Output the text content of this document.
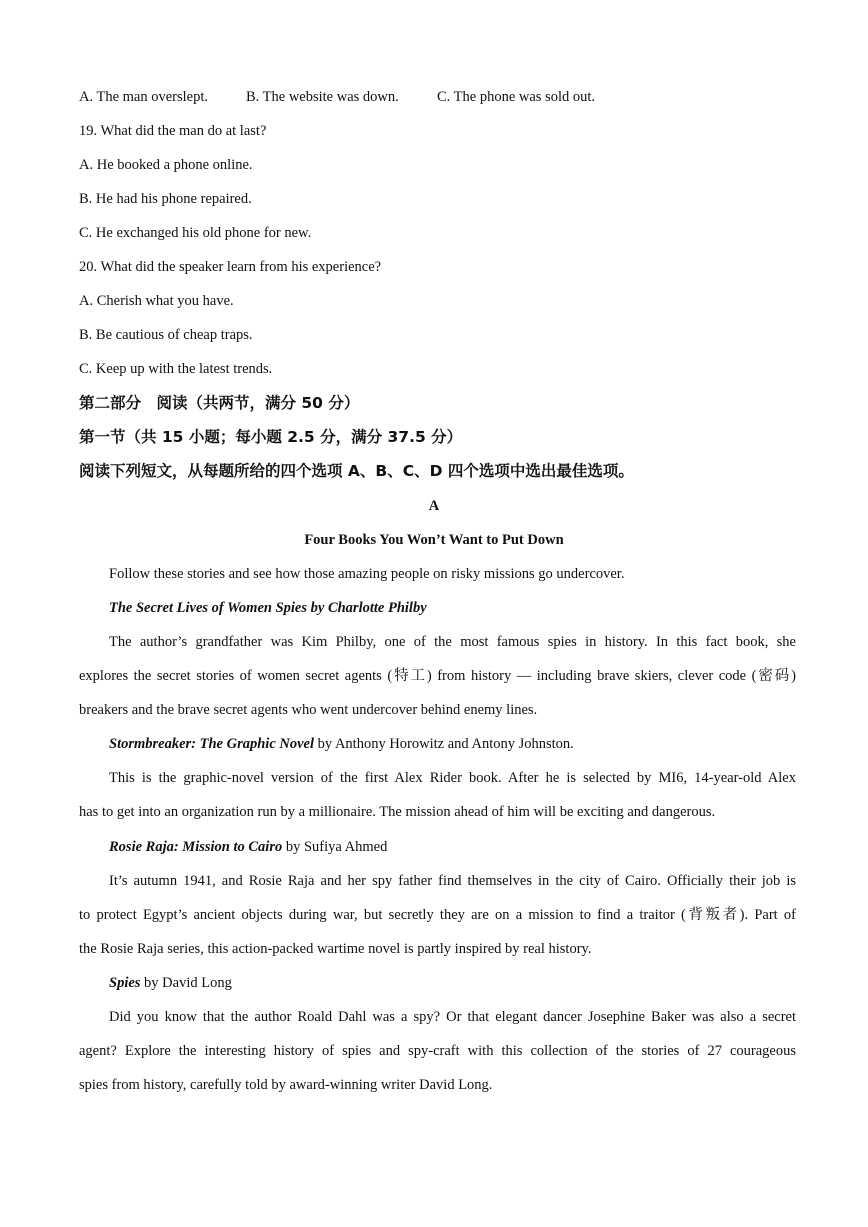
A. The man overslept.	B. The website was down.	C. The phone was sold out.
19. What did the man do at last?
A. He booked a phone online.
B. He had his phone repaired.
C. He exchanged his old phone for new.
20. What did the speaker learn from his experience?
A. Cherish what you have.
B. Be cautious of cheap traps.
C. Keep up with the latest trends.
第二部分　阅读（共两节，满分 50 分）
第一节（共 15 小题；每小题 2.5 分，满分 37.5 分）
阅读下列短文，从每题所给的四个选项 A、B、C、D 四个选项中选出最佳选项。
A
Four Books You Won’t Want to Put Down
Follow these stories and see how those amazing people on risky missions go undercover.
The Secret Lives of Women Spies by Charlotte Philby
The author’s grandfather was Kim Philby, one of the most famous spies in history. In this fact book, she
explores the secret stories of women secret agents (特工) from history — including brave skiers, clever code (密码)
breakers and the brave secret agents who went undercover behind enemy lines.
Stormbreaker: The Graphic Novel by Anthony Horowitz and Antony Johnston.
This is the graphic-novel version of the first Alex Rider book. After he is selected by MI6, 14-year-old Alex
has to get into an organization run by a millionaire. The mission ahead of him will be exciting and dangerous.
Rosie Raja: Mission to Cairo by Sufiya Ahmed
It’s autumn 1941, and Rosie Raja and her spy father find themselves in the city of Cairo. Officially their job is
to protect Egypt’s ancient objects during war, but secretly they are on a mission to find a traitor (背叛者). Part of
the Rosie Raja series, this action-packed wartime novel is partly inspired by real history.
Spies by David Long
Did you know that the author Roald Dahl was a spy? Or that elegant dancer Josephine Baker was also a secret
agent? Explore the interesting history of spies and spy-craft with this collection of the stories of 27 courageous
spies from history, carefully told by award-winning writer David Long.
